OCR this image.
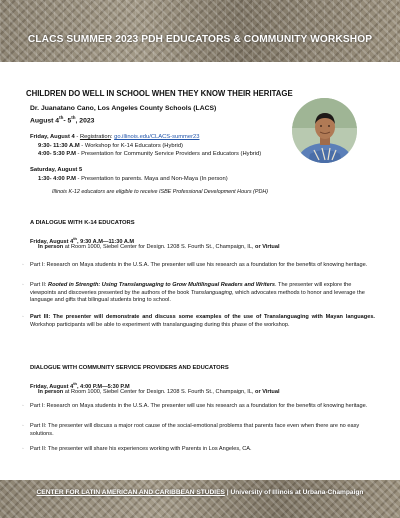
CLACS SUMMER 2023 PDH EDUCATORS & COMMUNITY WORKSHOP
CHILDREN DO WELL IN SCHOOL WHEN THEY KNOW THEIR HERITAGE
Dr. Juanatano Cano, Los Angeles County Schools (LACS)
August 4th- 5th, 2023
Friday, August 4 - Registration: go.illinois.edu/CLACS-summer23
9:30- 11:30 A.M - Workshop for K-14 Educators (Hybrid)
4:00- 5:30 P.M - Presentation for Community Service Providers and Educators (Hybrid)
Saturday, August 5
1:30- 4:00 P.M - Presentation to parents. Maya and Non-Maya (In person)
Illinois K-12 educators are eligible to receive ISBE Professional Development Hours (PDH)
A DIALOGUE WITH K-14 EDUCATORS
Friday, August 4th, 9:30 A.M—11:30 A.M
In person at Room 1000, Siebel Center for Design. 1208 S. Fourth St., Champaign, IL, or Virtual
◦ Part I: Research on Maya students in the U.S.A. The presenter will use his research as a foundation for the benefits of knowing heritage.
◦ Part II: Rooted in Strength: Using Translanguaging to Grow Multilingual Readers and Writers. The presenter will explore the viewpoints and discoveries presented by the authors of the book Translanguaging, which advocates methods to honor and leverage the language and gifts that bilingual students bring to school.
◦ Part III: The presenter will demonstrate and discuss some examples of the use of Translanguaging with Mayan languages. Workshop participants will be able to experiment with translanguaging during this phase of the workshop.
DIALOGUE WITH COMMUNITY SERVICE PROVIDERS AND EDUCATORS
Friday, August 4th, 4:00 P.M—5:30 P.M
In person at Room 1000, Siebel Center for Design. 1208 S. Fourth St., Champaign, IL, or Virtual
◦ Part I: Research on Maya students in the U.S.A. The presenter will use his research as a foundation for the benefits of knowing heritage.
◦ Part II: The presenter will discuss a major root cause of the social-emotional problems that parents face even when there are no easy solutions.
◦ Part II: The presenter will share his experiences working with Parents in Los Angeles, CA.
CENTER FOR LATIN AMERICAN AND CARIBBEAN STUDIES | University of Illinois at Urbana-Champaign
